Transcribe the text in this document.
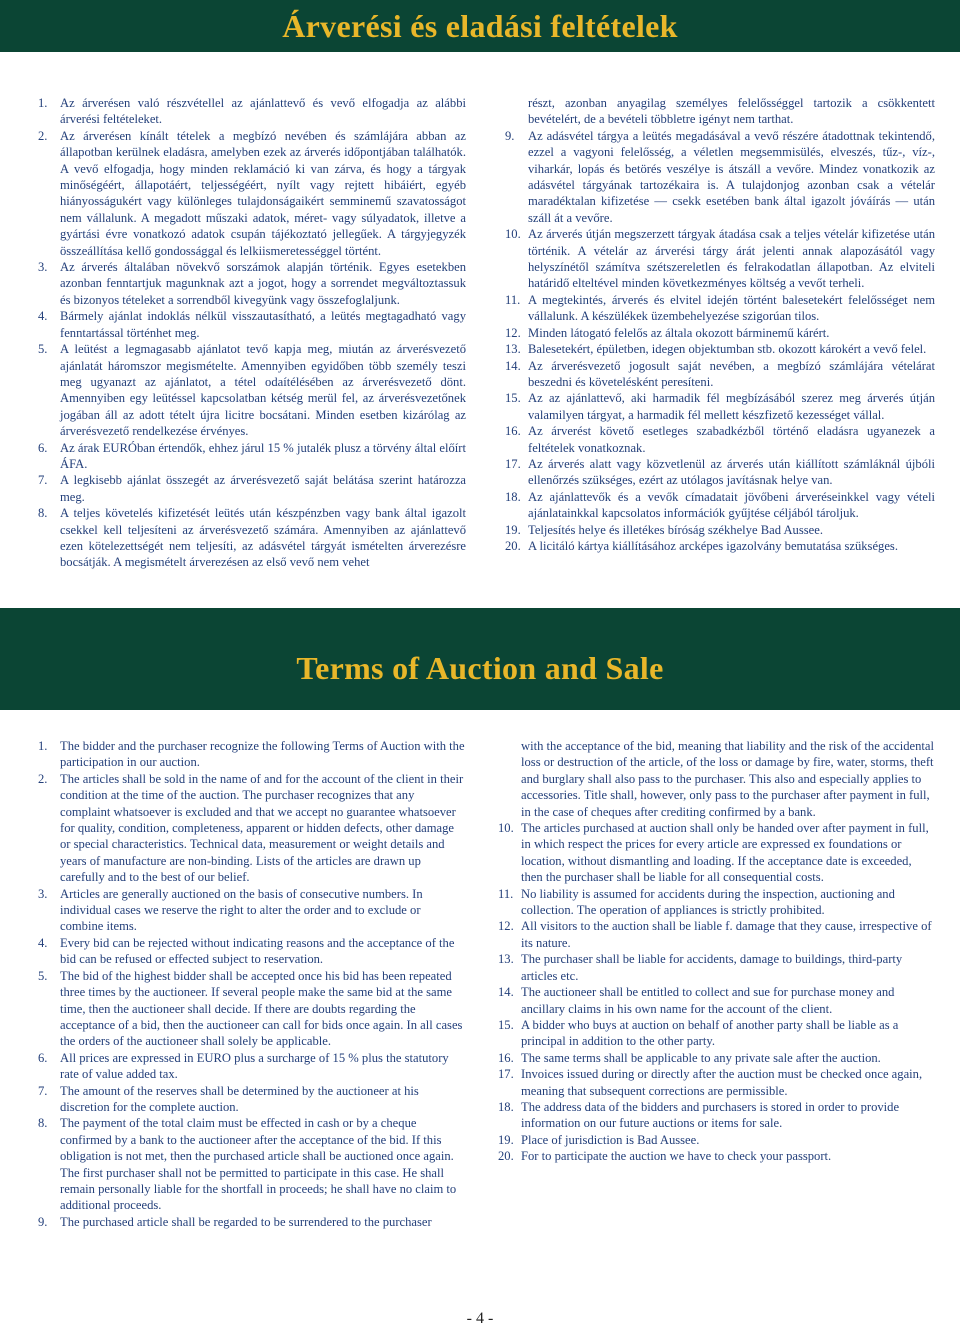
Árverési és eladási feltételek
1. Az árverésen való részvétellel az ajánlattevő és vevő elfogadja az alábbi árverési feltételeket.
2. Az árverésen kínált tételek a megbízó nevében és számlájára abban az állapotban kerülnek eladásra, amelyben ezek az árverés időpontjában találhatók. A vevő elfogadja, hogy minden reklamáció ki van zárva, és hogy a tárgyak minőségéért, állapotáért, teljességéért, nyílt vagy rejtett hibáiért, egyéb hiányosságukért vagy különleges tulajdonságaikért semminemű szavatosságot nem vállalunk. A megadott műszaki adatok, méret- vagy súlyadatok, illetve a gyártási évre vonatkozó adatok csupán tájékoztató jellegűek. A tárgyjegyzék összeállítása kellő gondossággal és lelkiismeretességgel történt.
3. Az árverés általában növekvő sorszámok alapján történik. Egyes esetekben azonban fenntartjuk magunknak azt a jogot, hogy a sorrendet megváltoztassuk és bizonyos tételeket a sorrendből kivegyünk vagy összefoglaljunk.
4. Bármely ajánlat indoklás nélkül visszautasítható, a leütés megtagadható vagy fenntartással történhet meg.
5. A leütést a legmagasabb ajánlatot tevő kapja meg, miután az árverésvezető ajánlatát háromszor megismételte. Amennyiben egyidőben több személy teszi meg ugyanazt az ajánlatot, a tétel odaítélésében az árverésvezető dönt. Amennyiben egy leütéssel kapcsolatban kétség merül fel, az árverésvezetőnek jogában áll az adott tételt újra licitre bocsátani. Minden esetben kizárólag az árverésvezető rendelkezése érvényes.
6. Az árak EURÓban értendők, ehhez járul 15 % jutalék plusz a törvény által előírt ÁFA.
7. A legkisebb ajánlat összegét az árverésvezető saját belátása szerint határozza meg.
8. A teljes követelés kifizetését leütés után készpénzben vagy bank által igazolt csekkel kell teljesíteni az árverésvezető számára. Amennyiben az ajánlattevő ezen kötelezettségét nem teljesíti, az adásvétel tárgyát ismételten árverezésre bocsátják. A megismételt árverezésen az első vevő nem vehet
részt, azonban anyagilag személyes felelősséggel tartozik a csökkentett bevételért, de a bevételi többletre igényt nem tarthat.
9. Az adásvétel tárgya a leütés megadásával a vevő részére átadottnak tekintendő, ezzel a vagyoni felelősség, a véletlen megsemmisülés, elveszés, tűz-, víz-, viharkár, lopás és betörés veszélye is átszáll a vevőre. Mindez vonatkozik az adásvétel tárgyának tartozékaira is. A tulajdonjog azonban csak a vételár maradéktalan kifizetése — csekk esetében bank által igazolt jóváírás — után száll át a vevőre.
10. Az árverés útján megszerzett tárgyak átadása csak a teljes vételár kifizetése után történik. A vételár az árverési tárgy árát jelenti annak alapozásától vagy helyszínétől számítva szétszereletlen és felrakodatlan állapotban. Az elviteli határidő elteltével minden következményes költség a vevőt terheli.
11. A megtekintés, árverés és elvitel idején történt balesetekért felelősséget nem vállalunk. A készülékek üzembehelyezése szigorúan tilos.
12. Minden látogató felelős az általa okozott bárminemű kárért.
13. Balesetekért, épületben, idegen objektumban stb. okozott károkért a vevő felel.
14. Az árverésvezető jogosult saját nevében, a megbízó számlájára vételárat beszedni és követelésként peresíteni.
15. Az az ajánlattevő, aki harmadik fél megbízásából szerez meg árverés útján valamilyen tárgyat, a harmadik fél mellett készfizető kezességet vállal.
16. Az árverést követő esetleges szabadkézből történő eladásra ugyanezek a feltételek vonatkoznak.
17. Az árverés alatt vagy közvetlenül az árverés után kiállított számláknál újbóli ellenőrzés szükséges, ezért az utólagos javításnak helye van.
18. Az ajánlattevők és a vevők címadatait jövőbeni árveréseinkkel vagy vételi ajánlatainkkal kapcsolatos információk gyűjtése céljából tároljuk.
19. Teljesítés helye és illetékes bíróság székhelye Bad Aussee.
20. A licitáló kártya kiállításához arcképes igazolvány bemutatása szükséges.
Terms of Auction and Sale
1. The bidder and the purchaser recognize the following Terms of Auction with the participation in our auction.
2. The articles shall be sold in the name of and for the account of the client in their condition at the time of the auction. The purchaser recognizes that any complaint whatsoever is excluded and that we accept no guarantee whatsoever for quality, condition, completeness, apparent or hidden defects, other damage or special characteristics. Technical data, measurement or weight details and years of manufacture are non-binding. Lists of the articles are drawn up carefully and to the best of our belief.
3. Articles are generally auctioned on the basis of consecutive numbers. In individual cases we reserve the right to alter the order and to exclude or combine items.
4. Every bid can be rejected without indicating reasons and the acceptance of the bid can be refused or effected subject to reservation.
5. The bid of the highest bidder shall be accepted once his bid has been repeated three times by the auctioneer. If several people make the same bid at the same time, then the auctioneer shall decide. If there are doubts regarding the acceptance of a bid, then the auctioneer can call for bids once again. In all cases the orders of the auctioneer shall solely be applicable.
6. All prices are expressed in EURO plus a surcharge of 15 % plus the statutory rate of value added tax.
7. The amount of the reserves shall be determined by the auctioneer at his discretion for the complete auction.
8. The payment of the total claim must be effected in cash or by a cheque confirmed by a bank to the auctioneer after the acceptance of the bid. If this obligation is not met, then the purchased article shall be auctioned once again. The first purchaser shall not be permitted to participate in this case. He shall remain personally liable for the shortfall in proceeds; he shall have no claim to additional proceeds.
9. The purchased article shall be regarded to be surrendered to the purchaser
with the acceptance of the bid, meaning that liability and the risk of the accidental loss or destruction of the article, of the loss or damage by fire, water, storms, theft and burglary shall also pass to the purchaser. This also and especially applies to accessories. Title shall, however, only pass to the purchaser after payment in full, in the case of cheques after crediting confirmed by a bank.
10. The articles purchased at auction shall only be handed over after payment in full, in which respect the prices for every article are expressed ex foundations or location, without dismantling and loading. If the acceptance date is exceeded, then the purchaser shall be liable for all consequential costs.
11. No liability is assumed for accidents during the inspection, auctioning and collection. The operation of appliances is strictly prohibited.
12. All visitors to the auction shall be liable f. damage that they cause, irrespective of its nature.
13. The purchaser shall be liable for accidents, damage to buildings, third-party articles etc.
14. The auctioneer shall be entitled to collect and sue for purchase money and ancillary claims in his own name for the account of the client.
15. A bidder who buys at auction on behalf of another party shall be liable as a principal in addition to the other party.
16. The same terms shall be applicable to any private sale after the auction.
17. Invoices issued during or directly after the auction must be checked once again, meaning that subsequent corrections are permissible.
18. The address data of the bidders and purchasers is stored in order to provide information on our future auctions or items for sale.
19. Place of jurisdiction is Bad Aussee.
20. For to participate the auction we have to check your passport.
- 4 -
